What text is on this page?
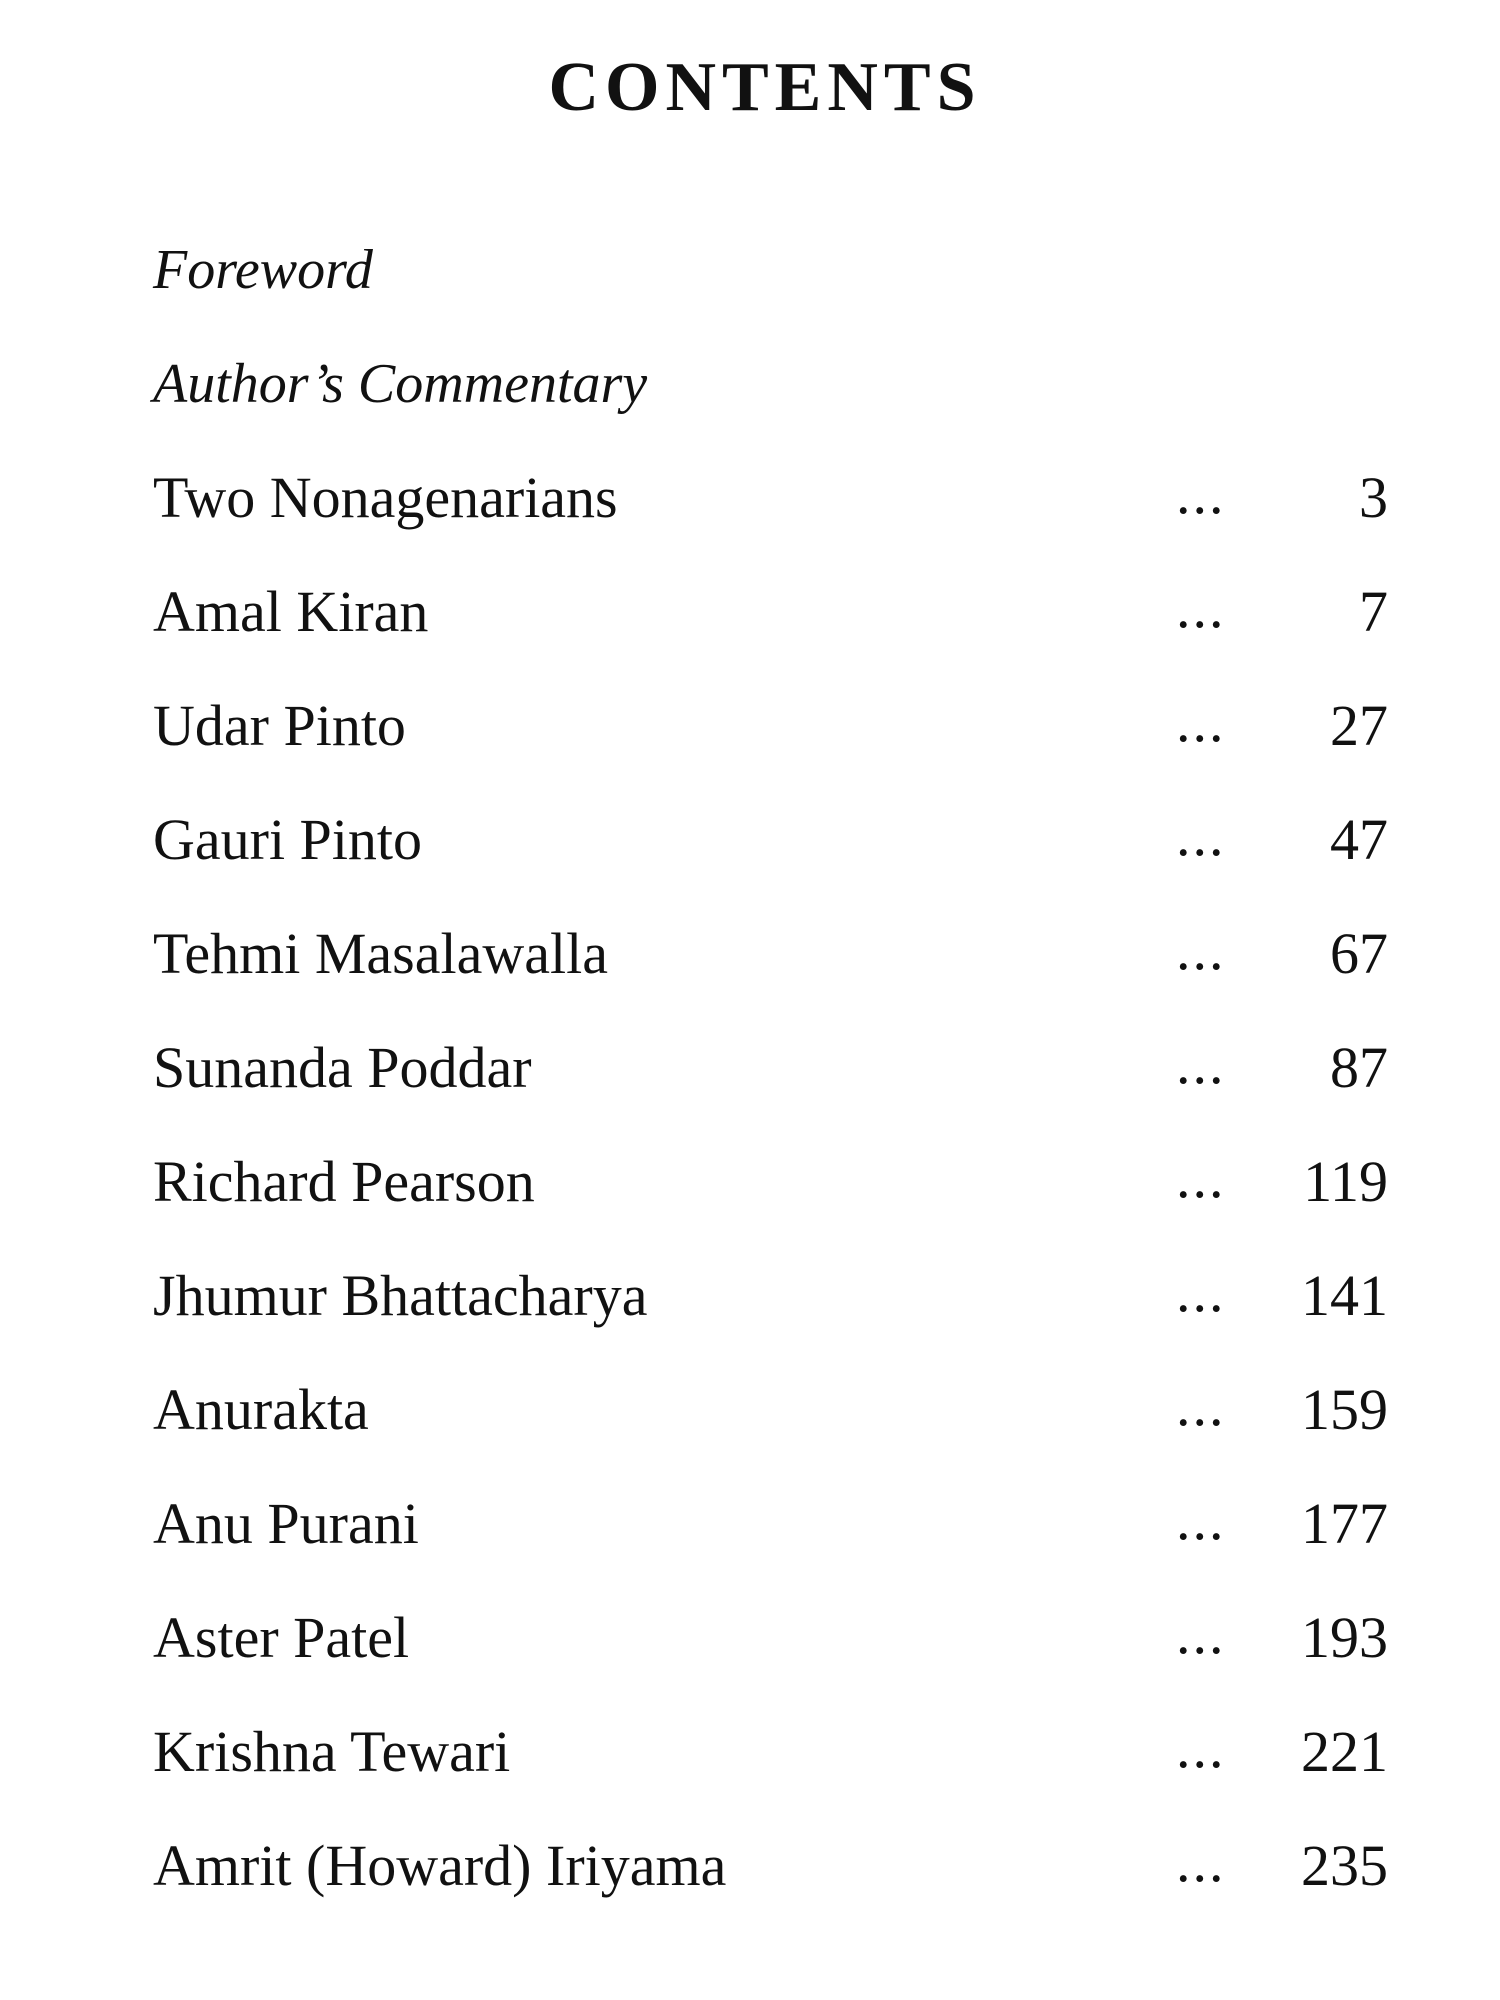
CONTENTS
Foreword
Author’s Commentary
Two Nonagenarians	... 3
Amal Kiran	... 7
Udar Pinto	... 27
Gauri Pinto	... 47
Tehmi Masalawalla	... 67
Sunanda Poddar	... 87
Richard Pearson	... 119
Jhumur Bhattacharya	... 141
Anurakta	... 159
Anu Purani	... 177
Aster Patel	... 193
Krishna Tewari	... 221
Amrit (Howard) Iriyama	... 235
